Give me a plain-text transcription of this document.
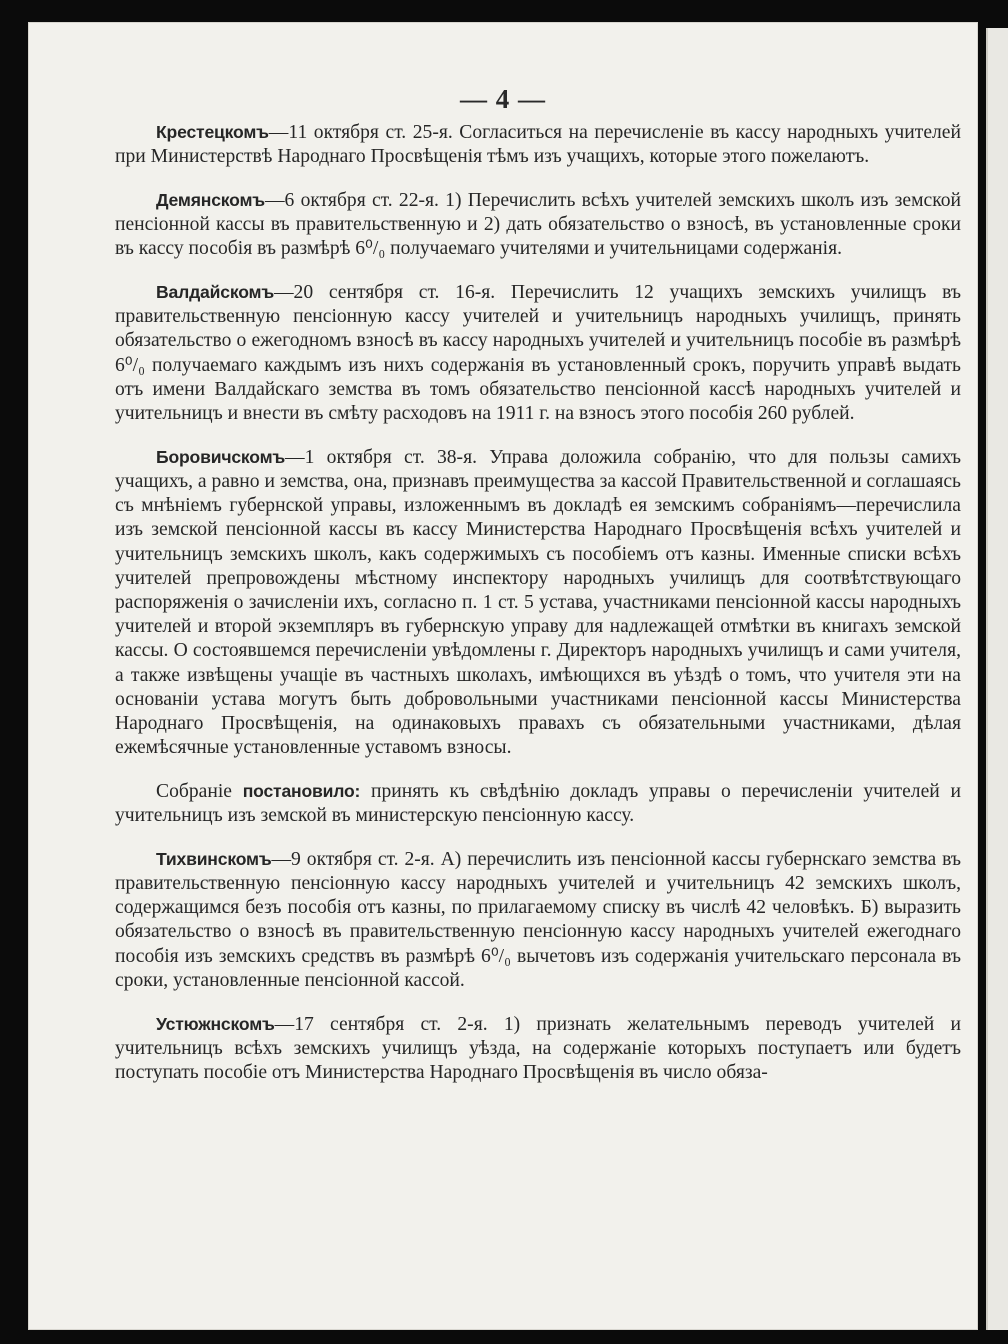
— 4 —

Крестецкомъ—11 октября ст. 25-я. Согласиться на перечисленіе въ кассу народныхъ учителей при Министерствѣ Народнаго Просвѣщенія тѣмъ изъ учащихъ, которые этого пожелаютъ.

Демянскомъ—6 октября ст. 22-я. 1) Перечислить всѣхъ учителей земскихъ школъ изъ земской пенсіонной кассы въ правительственную и 2) дать обязательство о взносѣ, въ установленные сроки въ кассу пособія въ размѣрѣ 6⁰/₀ получаемаго учителями и учительницами содержанія.

Валдайскомъ—20 сентября ст. 16-я. Перечислить 12 учащихъ земскихъ училищъ въ правительственную пенсіонную кассу учителей и учительницъ народныхъ училищъ, принять обязательство о ежегодномъ взносѣ въ кассу народныхъ учителей и учительницъ пособіе въ размѣрѣ 6⁰/₀ получаемаго каждымъ изъ нихъ содержанія въ установленный срокъ, поручить управѣ выдать отъ имени Валдайскаго земства въ томъ обязательство пенсіонной кассѣ народныхъ учителей и учительницъ и внести въ смѣту расходовъ на 1911 г. на взносъ этого пособія 260 рублей.

Боровичскомъ—1 октября ст. 38-я. Управа доложила собранію, что для пользы самихъ учащихъ, а равно и земства, она, признавъ преимущества за кассой Правительственной и соглашаясь съ мнѣніемъ губернской управы, изложеннымъ въ докладѣ ея земскимъ собраніямъ—перечислила изъ земской пенсіонной кассы въ кассу Министерства Народнаго Просвѣщенія всѣхъ учителей и учительницъ земскихъ школъ, какъ содержимыхъ съ пособіемъ отъ казны. Именные списки всѣхъ учителей препровождены мѣстному инспектору народныхъ училищъ для соотвѣтствующаго распоряженія о зачисленіи ихъ, согласно п. 1 ст. 5 устава, участниками пенсіонной кассы народныхъ учителей и второй экземпляръ въ губернскую управу для надлежащей отмѣтки въ книгахъ земской кассы. О состоявшемся перечисленіи увѣдомлены г. Директоръ народныхъ училищъ и сами учителя, а также извѣщены учащіе въ частныхъ школахъ, имѣющихся въ уѣздѣ о томъ, что учителя эти на основаніи устава могутъ быть добровольными участниками пенсіонной кассы Министерства Народнаго Просвѣщенія, на одинаковыхъ правахъ съ обязательными участниками, дѣлая ежемѣсячные установленные уставомъ взносы.

Собраніе постановило: принять къ свѣдѣнію докладъ управы о перечисленіи учителей и учительницъ изъ земской въ министерскую пенсіонную кассу.

Тихвинскомъ—9 октября ст. 2-я. А) перечислить изъ пенсіонной кассы губернскаго земства въ правительственную пенсіонную кассу народныхъ учителей и учительницъ 42 земскихъ школъ, содержащимся безъ пособія отъ казны, по прилагаемому списку въ числѣ 42 человѣкъ. Б) выразить обязательство о взносѣ въ правительственную пенсіонную кассу народныхъ учителей ежегоднаго пособія изъ земскихъ средствъ въ размѣрѣ 6⁰/₀ вычетовъ изъ содержанія учительскаго персонала въ сроки, установленные пенсіонной кассой.

Устюжнскомъ—17 сентября ст. 2-я. 1) признать желательнымъ переводъ учителей и учительницъ всѣхъ земскихъ училищъ уѣзда, на содержаніе которыхъ поступаетъ или будетъ поступать пособіе отъ Министерства Народнаго Просвѣщенія въ число обяза-
